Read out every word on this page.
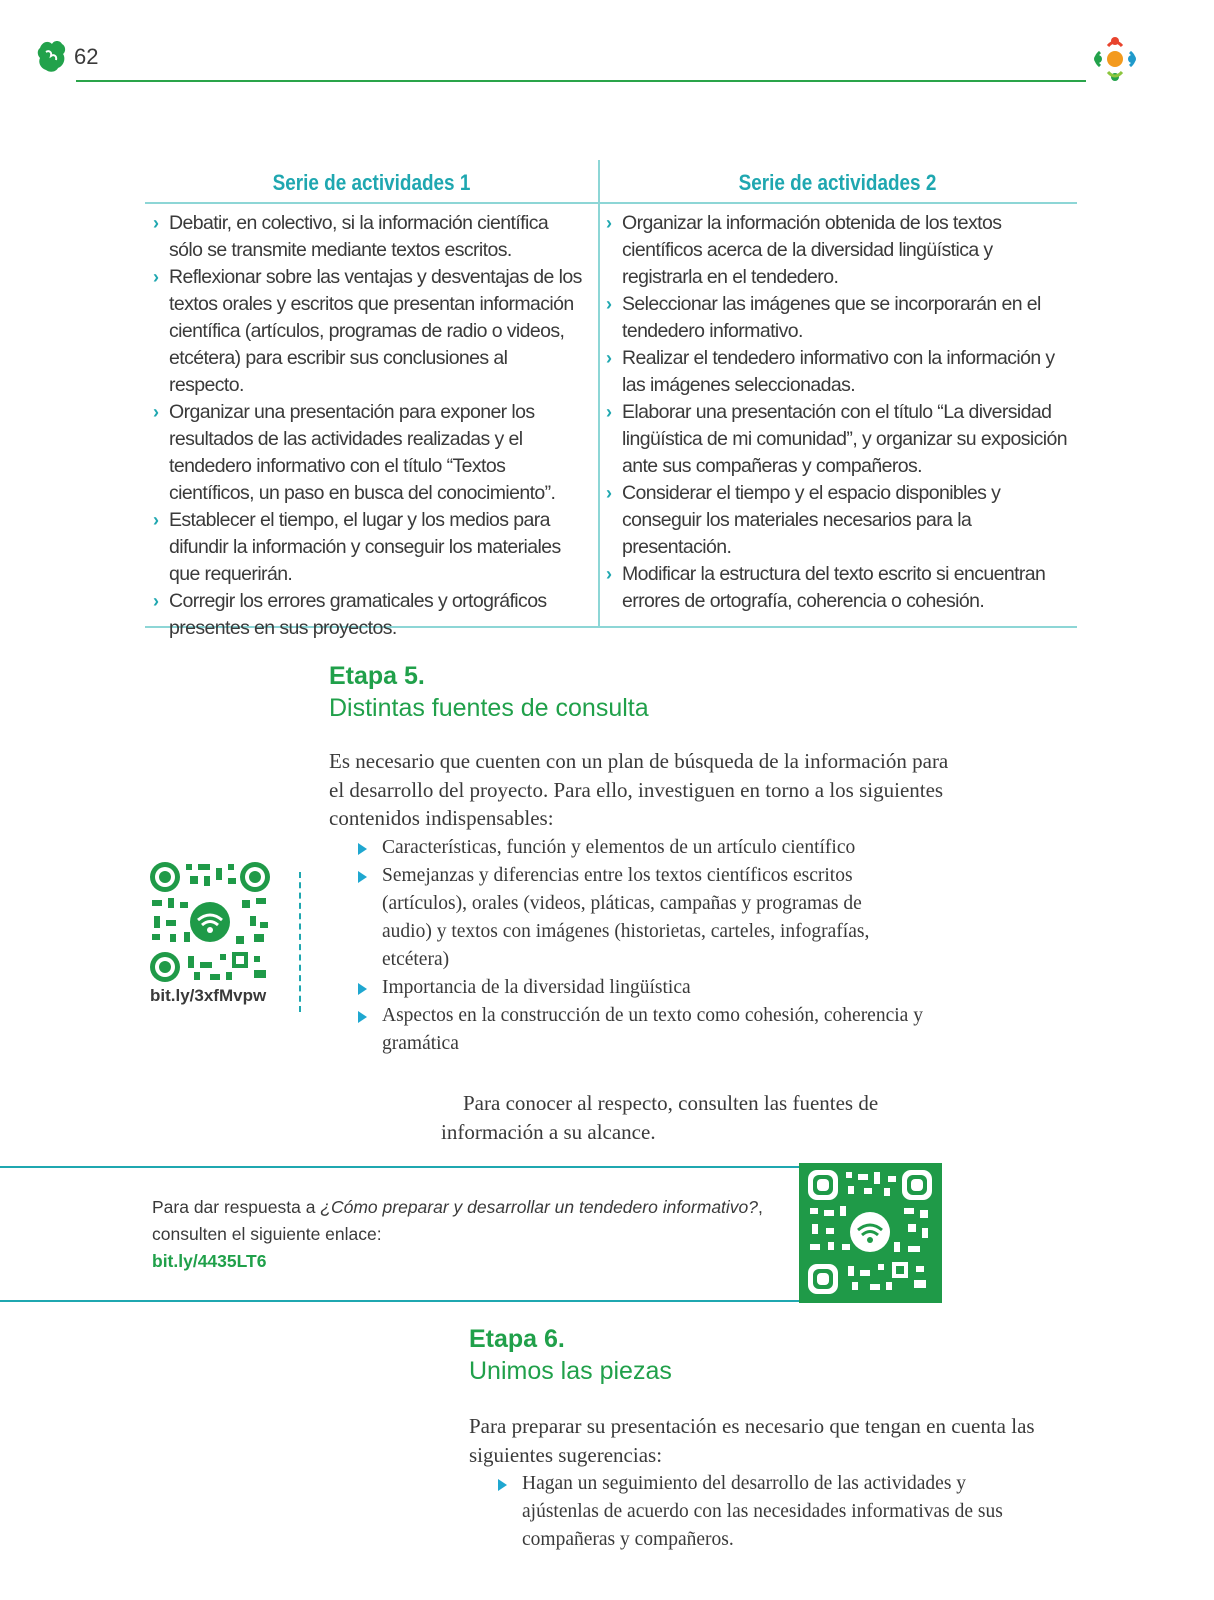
62
Serie de actividades 1	Serie de actividades 2
› Debatir, en colectivo, si la información científica sólo se transmite mediante textos escritos.
› Reflexionar sobre las ventajas y desventajas de los textos orales y escritos que presentan información científica (artículos, programas de radio o videos, etcétera) para escribir sus conclusiones al respecto.
› Organizar una presentación para exponer los resultados de las actividades realizadas y el tendedero informativo con el título “Textos científicos, un paso en busca del conocimiento”.
› Establecer el tiempo, el lugar y los medios para difundir la información y conseguir los materiales que requerirán.
› Corregir los errores gramaticales y ortográficos presentes en sus proyectos.
› Organizar la información obtenida de los textos científicos acerca de la diversidad lingüística y registrarla en el tendedero.
› Seleccionar las imágenes que se incorporarán en el tendedero informativo.
› Realizar el tendedero informativo con la información y las imágenes seleccionadas.
› Elaborar una presentación con el título “La diversidad lingüística de mi comunidad”, y organizar su exposición ante sus compañeras y compañeros.
› Considerar el tiempo y el espacio disponibles y conseguir los materiales necesarios para la presentación.
› Modificar la estructura del texto escrito si encuentran errores de ortografía, coherencia o cohesión.
Etapa 5.
Distintas fuentes de consulta
Es necesario que cuenten con un plan de búsqueda de la información para el desarrollo del proyecto. Para ello, investiguen en torno a los siguientes contenidos indispensables:
Características, función y elementos de un artículo científico
Semejanzas y diferencias entre los textos científicos escritos (artículos), orales (videos, pláticas, campañas y programas de audio) y textos con imágenes (historietas, carteles, infografías, etcétera)
Importancia de la diversidad lingüística
Aspectos en la construcción de un texto como cohesión, coherencia y gramática
Para conocer al respecto, consulten las fuentes de información a su alcance.
bit.ly/3xfMvpw
Para dar respuesta a ¿Cómo preparar y desarrollar un tendedero informativo?, consulten el siguiente enlace:
bit.ly/4435LT6
Etapa 6.
Unimos las piezas
Para preparar su presentación es necesario que tengan en cuenta las siguientes sugerencias:
Hagan un seguimiento del desarrollo de las actividades y ajústenlas de acuerdo con las necesidades informativas de sus compañeras y compañeros.
